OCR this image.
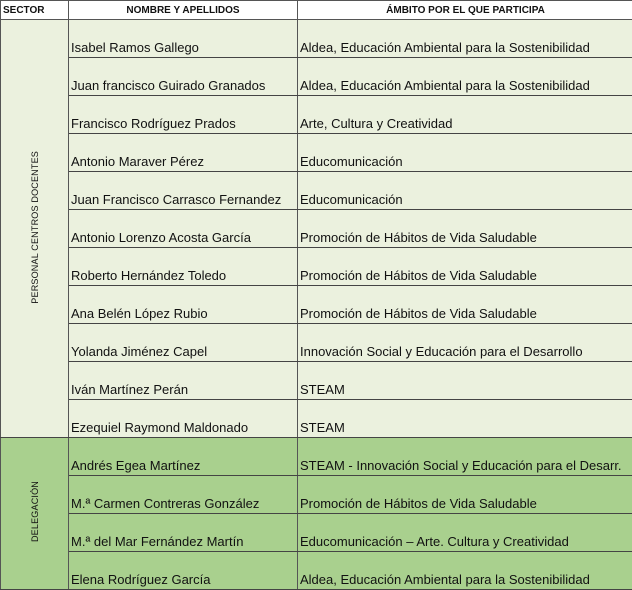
SECTOR	NOMBRE Y APELLIDOS	ÁMBITO POR EL QUE PARTICIPA
PERSONAL CENTROS DOCENTES	Isabel Ramos Gallego	Aldea, Educación Ambiental para la Sostenibilidad
	Juan francisco Guirado Granados	Aldea, Educación Ambiental para la Sostenibilidad
	Francisco Rodríguez Prados	Arte, Cultura y Creatividad
	Antonio Maraver Pérez	Educomunicación
	Juan Francisco Carrasco Fernandez	Educomunicación
	Antonio Lorenzo Acosta García	Promoción de Hábitos de Vida Saludable
	Roberto Hernández Toledo	Promoción de Hábitos de Vida Saludable
	Ana Belén López Rubio	Promoción de Hábitos de Vida Saludable
	Yolanda Jiménez Capel	Innovación Social y Educación para el Desarrollo
	Iván Martínez Perán	STEAM
	Ezequiel Raymond Maldonado	STEAM
DELEGACIÓN	Andrés Egea Martínez	STEAM - Innovación Social y Educación para el Desarr.
	M.ª Carmen Contreras González	Promoción de Hábitos de Vida Saludable
	M.ª del Mar Fernández Martín	Educomunicación – Arte. Cultura y Creatividad
	Elena Rodríguez García	Aldea, Educación Ambiental para la Sostenibilidad
